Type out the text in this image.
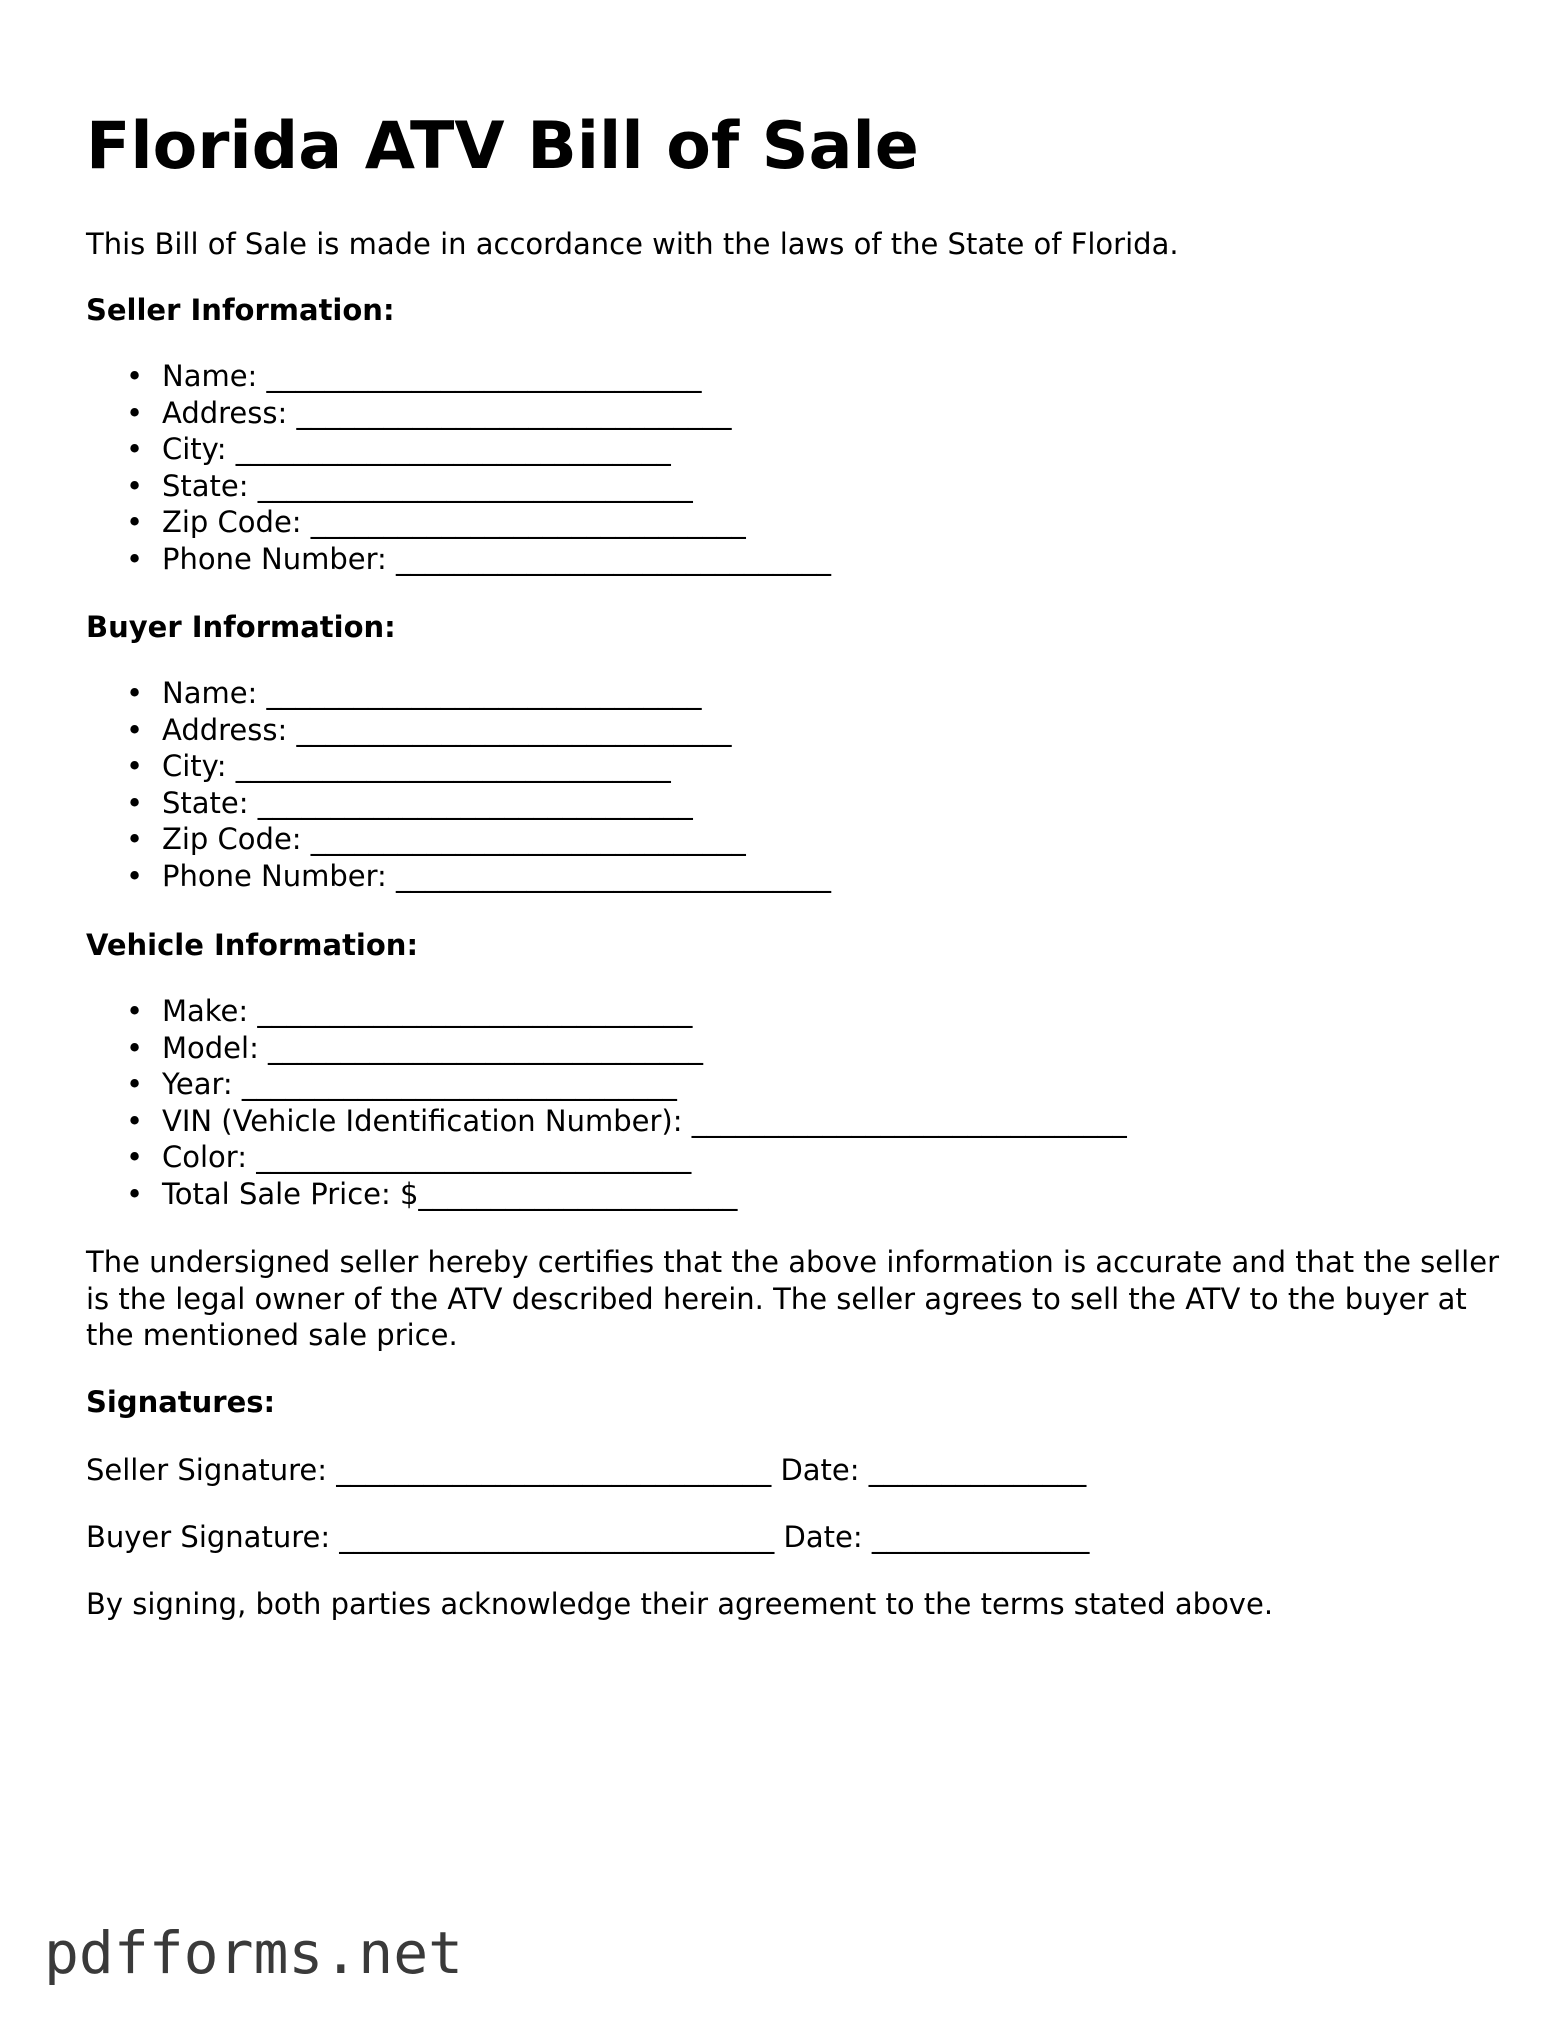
Florida ATV Bill of Sale

This Bill of Sale is made in accordance with the laws of the State of Florida.

Seller Information:

• Name: ______________________________
• Address: ______________________________
• City: ______________________________
• State: ______________________________
• Zip Code: ______________________________
• Phone Number: ______________________________

Buyer Information:

• Name: ______________________________
• Address: ______________________________
• City: ______________________________
• State: ______________________________
• Zip Code: ______________________________
• Phone Number: ______________________________

Vehicle Information:

• Make: ______________________________
• Model: ______________________________
• Year: ______________________________
• VIN (Vehicle Identification Number): ______________________________
• Color: ______________________________
• Total Sale Price: $______________________

The undersigned seller hereby certifies that the above information is accurate and that the seller is the legal owner of the ATV described herein. The seller agrees to sell the ATV to the buyer at the mentioned sale price.

Signatures:

Seller Signature: ______________________________ Date: _______________

Buyer Signature: ______________________________ Date: _______________

By signing, both parties acknowledge their agreement to the terms stated above.

pdfforms.net
